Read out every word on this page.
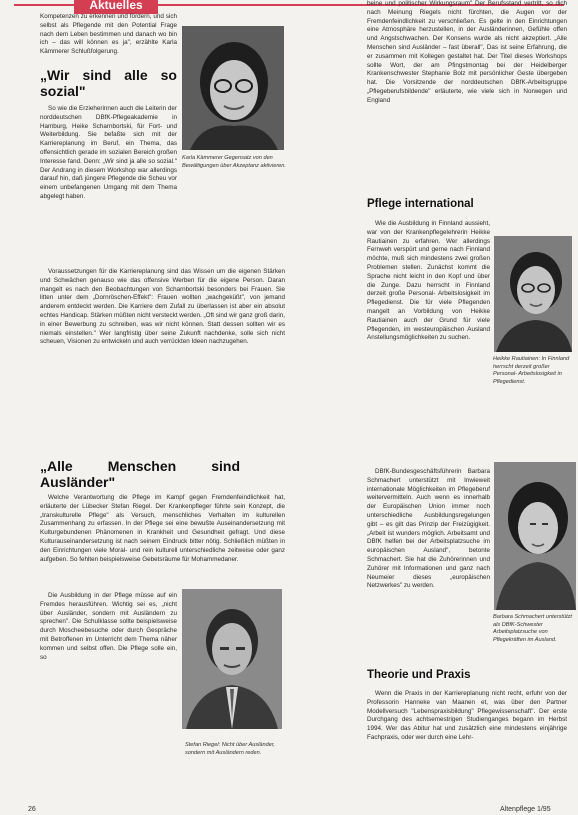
Aktuelles

Kompetenzen zu erkennen und fördern, und sich selbst als Pflegende mit den Potential Frage nach dem Leben bestimmen und danach wo bin ich – das will können es ja", erzählte Karla Kämmerer Schlußfolgerung.

„Wir sind alle so sozial"

So wie die Erzieherinnen auch die Leiterin der norddeutschen DBfK-Pflegeakademie in Hamburg, Heike Scharnbortski, für Fort- und Weiterbildung. Sie befaßte sich mit der Karriereplanung im Beruf, ein Thema, das offensichtlich gerade im sozialen Bereich großen Interesse fand. Denn: „Wir sind ja alle so sozial." Der Andrang in diesem Workshop war allerdings darauf hin, daß jüngere Pflegende die Scheu vor einem unbefangenen Umgang mit dem Thema abgelegt haben.

Karla Kämmerer Gegensatz von den Bewältigungen über Akzeptanz aktivieren.

Voraussetzungen für die Karriereplanung sind das Wissen um die eigenen Stärken und Schwächen genauso wie das offensive Werben für die eigene Person. Daran mangelt es nach den Beobachtungen von Scharnbortski besonders bei Frauen. Sie litten unter dem „Dornröschen-Effekt": Frauen wollten „wachgeküßt", von jemand anderem entdeckt werden. Die Karriere dem Zufall zu überlassen ist aber ein absolut echtes Handicap. Stärken müßten nicht versteckt werden. „Oft sind wir ganz groß darin, in einer Bewerbung zu schreiben, was wir nicht können. Statt dessen sollten wir es niemals einstellen." Wer langfristig über seine Zukunft nachdenke, solle sich nicht scheuen, Visionen zu entwickeln und auch verrückten Ideen nachzugehen.

„Alle Menschen sind Ausländer"

Welche Verantwortung die Pflege im Kampf gegen Fremdenfeindlichkeit hat, erläuterte der Lübecker Stefan Riegel. Der Krankenpfleger führte sein Konzept, die „transkulturelle Pflege" als Versuch, menschliches Verhalten im kulturellen Zusammenhang zu erfassen. In der Pflege sei eine bewußte Auseinandersetzung mit Kulturgebundenen Phänomenen in Krankheit und Gesundheit gefragt. Und diese Kulturauseinandersetzung ist nach seinem Eindruck bitter nötig. Schließlich müßten in den Einrichtungen viele Moral- und rein kulturell unterschiedliche zeitweise oder ganz aufgeben. So fehlten beispielsweise Gebetsräume für Mohammedaner.

Die Ausbildung in der Pflege müsse auf ein Fremdes herausführen. Wichtig sei es, „nicht über Ausländer, sondern mit Ausländern zu sprechen". Die Schulklasse sollte beispielsweise durch Moscheebesuche oder durch Gespräche mit Betroffenen im Unterricht dem Thema näher kommen und selbst offen. Die Pflege solle ein, so

Stefan Riegel: Nicht über Ausländer, sondern mit Ausländern reden.

beine und politischer Wirkungsraum" Der Berufsstand vertritt, so dich nach Meinung Riegels nicht fürchten, die Augen vor der Fremdenfeindlichkeit zu verschließen. Es gelte in den Einrichtungen eine Atmosphäre herzustellen, in der Ausländerinnen, Gefühle offen und Angstschwachen. Der Konsens wurde als nicht akzeptiert. „Alle Menschen sind Ausländer – fast überall", Das ist seine Erfahrung, die er zusammen mit Kollegen gestaltet hat. Der Titel dieses Workshops sollte Wort, der am Pfingstmontag bei der Heidelberger Krankenschwester Stephanie Bolz mit persönlicher Geste übergeben hat. Die Vorsitzende der norddeutschen DBfK-Arbeitsgruppe „Pflegeberufsbildende" erläuterte, wie viele sich in Norwegen und England

Pflege international

Wie die Ausbildung in Finnland aussieht, war von der Krankenpflegelehrerin Heikke Rautiainen zu erfahren. Wer allerdings Fernweh verspürt und gerne nach Finnland möchte, muß sich mindestens zwei großen Problemen stellen. Zunächst kommt die Sprache nicht leicht in den Kopf und über die Zunge. Dazu herrscht in Finnland derzeit große Personal- Arbeitslosigkeit im Pflegedienst. Die für viele Pflegenden mangelt an Vorbildung von Heikke Rautiainen auch der Grund für viele Pflegenden, im westeuropäischen Ausland Anstellungsmöglichkeiten zu suchen.

Heikke Rautiainen: In Finnland herrscht derzeit großer Personal- Arbeitslosigkeit in Pflegedienst.

DBfK-Bundesgeschäftsführerin Barbara Schmachert unterstützt mit Inwieweit internationale Möglichkeiten im Pflegeberuf weitervermitteln. Auch wenn es innerhalb der Europäischen Union immer noch unterschiedliche Ausbildungsregelungen gibt – es gilt das Prinzip der Freizügigkeit. „Arbeit ist wunders möglich. Arbeitsamt und DBfK helfen bei der Arbeitsplatzsuche im europäischen Ausland", betonte Schmachert. Sie hat die Zuhörerinnen und Zuhörer mit Informationen und ganz nach Neumeier dieses „europäischen Netzwerkes" zu werden.

Barbara Schmachert unterstützt als DBfK-Schwester Arbeitsplatzsuche von Pflegekräften im Ausland.
Theorie und Praxis

Wenn die Praxis in der Karriereplanung nicht recht, erfuhr von der Professorin Hanneke van Maanen et, was über den Partner Modellversuch "Lebenspraxisbildung" Pflegewissenschaft". Der erste Durchgang des achtsemestrigen Studienganges begann im Herbst 1994. Wer das Abitur hat und zusätzlich eine mindestens einjährige Fachpraxis, oder wer durch eine Lehr-

26	Altenpflege 1/95
